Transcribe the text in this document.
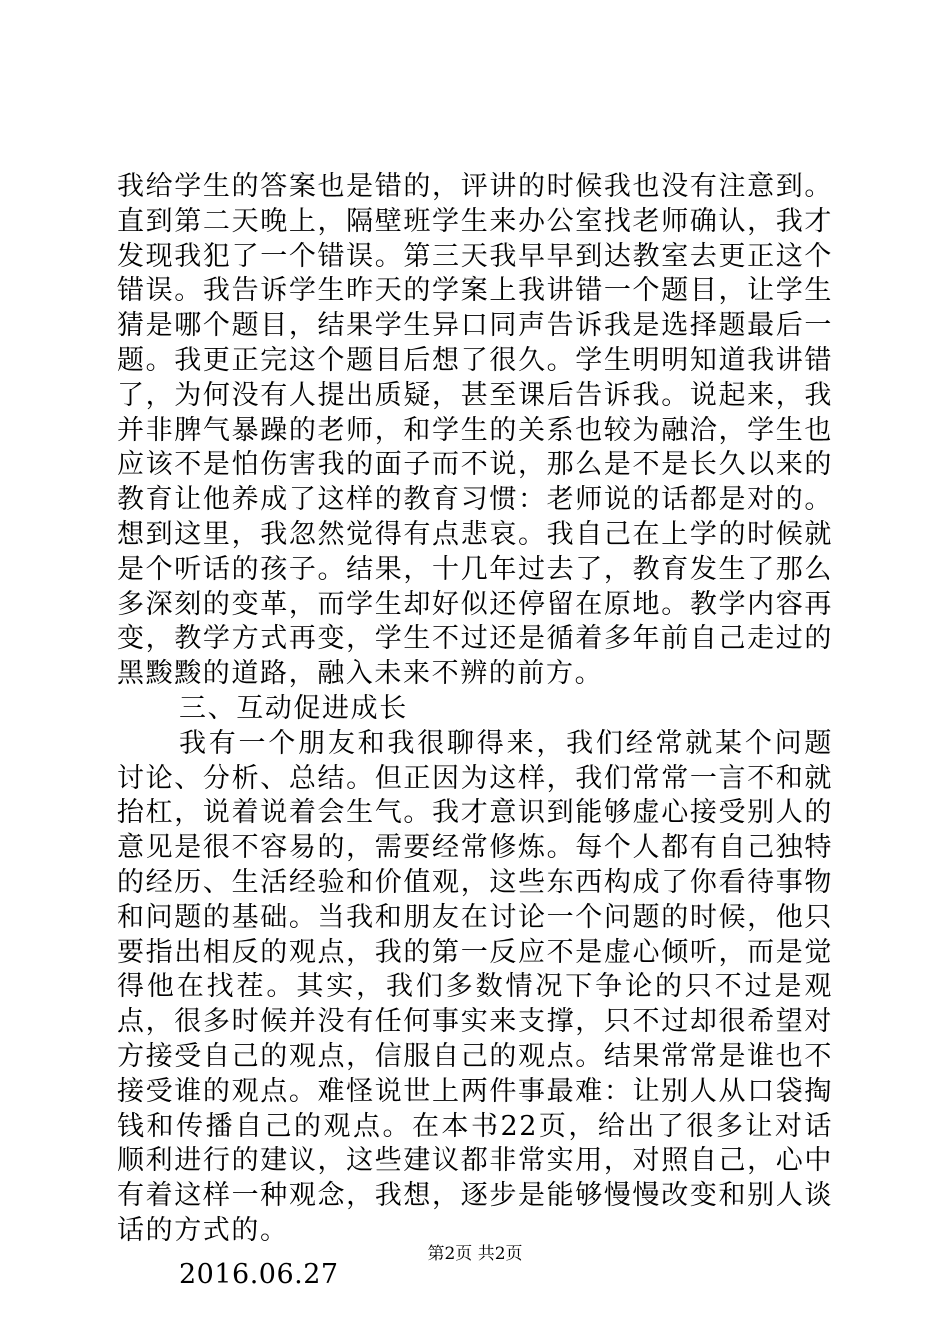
我给学生的答案也是错的，评讲的时候我也没有注意到。直到第二天晚上，隔壁班学生来办公室找老师确认，我才发现我犯了一个错误。第三天我早早到达教室去更正这个错误。我告诉学生昨天的学案上我讲错一个题目，让学生猜是哪个题目，结果学生异口同声告诉我是选择题最后一题。我更正完这个题目后想了很久。学生明明知道我讲错了，为何没有人提出质疑，甚至课后告诉我。说起来，我并非脾气暴躁的老师，和学生的关系也较为融洽，学生也应该不是怕伤害我的面子而不说，那么是不是长久以来的教育让他养成了这样的教育习惯：老师说的话都是对的。想到这里，我忽然觉得有点悲哀。我自己在上学的时候就是个听话的孩子。结果，十几年过去了，教育发生了那么多深刻的变革，而学生却好似还停留在原地。教学内容再变，教学方式再变，学生不过还是循着多年前自己走过的黑黢黢的道路，融入未来不辨的前方。

三、互动促进成长

我有一个朋友和我很聊得来，我们经常就某个问题讨论、分析、总结。但正因为这样，我们常常一言不和就抬杠，说着说着会生气。我才意识到能够虚心接受别人的意见是很不容易的，需要经常修炼。每个人都有自己独特的经历、生活经验和价值观，这些东西构成了你看待事物和问题的基础。当我和朋友在讨论一个问题的时候，他只要指出相反的观点，我的第一反应不是虚心倾听，而是觉得他在找茬。其实，我们多数情况下争论的只不过是观点，很多时候并没有任何事实来支撑，只不过却很希望对方接受自己的观点，信服自己的观点。结果常常是谁也不接受谁的观点。难怪说世上两件事最难：让别人从口袋掏钱和传播自己的观点。在本书22页，给出了很多让对话顺利进行的建议，这些建议都非常实用，对照自己，心中有着这样一种观念，我想，逐步是能够慢慢改变和别人谈话的方式的。

2016.06.27

第2页 共2页
